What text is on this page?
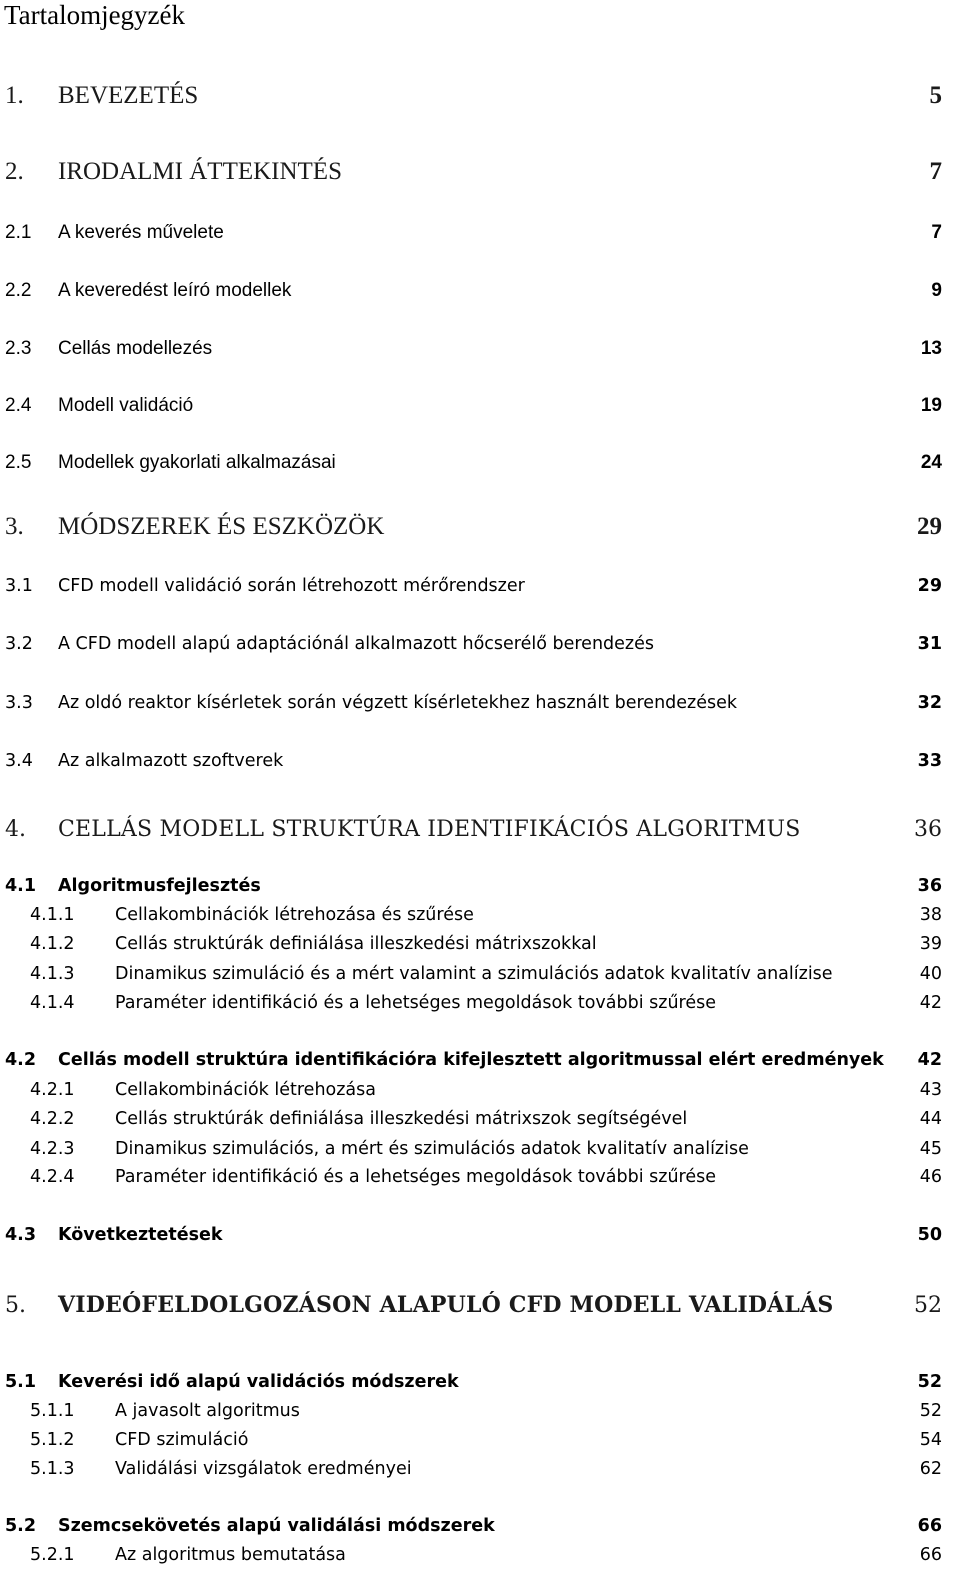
Tartalomjegyzék
1. BEVEZETÉS	5
2. IRODALMI ÁTTEKINTÉS	7
2.1 A keverés művelete	7
2.2 A keveredést leíró modellek	9
2.3 Cellás modellezés	13
2.4 Modell validáció	19
2.5 Modellek gyakorlati alkalmazásai	24
3. MÓDSZEREK ÉS ESZKÖZÖK	29
3.1 CFD modell validáció során létrehozott mérőrendszer	29
3.2 A CFD modell alapú adaptációnál alkalmazott hőcserélő berendezés	31
3.3 Az oldó reaktor kísérletek során végzett kísérletekhez használt berendezések	32
3.4 Az alkalmazott szoftverek	33
4. CELLÁS MODELL STRUKTÚRA IDENTIFIKÁCIÓS ALGORITMUS	36
4.1 Algoritmusfejlesztés	36
4.1.1 Cellakombinációk létrehozása és szűrése	38
4.1.2 Cellás struktúrák definiálása illeszkedési mátrixszokkal	39
4.1.3 Dinamikus szimuláció és a mért valamint a szimulációs adatok kvalitatív analízise	40
4.1.4 Paraméter identifikáció és a lehetséges megoldások további szűrése	42
4.2 Cellás modell struktúra identifikációra kifejlesztett algoritmussal elért eredmények 42
4.2.1 Cellakombinációk létrehozása	43
4.2.2 Cellás struktúrák definiálása illeszkedési mátrixszok segítségével	44
4.2.3 Dinamikus szimulációs, a mért és szimulációs adatok kvalitatív analízise	45
4.2.4 Paraméter identifikáció és a lehetséges megoldások további szűrése	46
4.3 Következtetések	50
5. VIDEÓFELDOLGOZÁSON ALAPULÓ CFD MODELL VALIDÁLÁS	52
5.1 Keverési idő alapú validációs módszerek	52
5.1.1 A javasolt algoritmus	52
5.1.2 CFD szimuláció	54
5.1.3 Validálási vizsgálatok eredményei	62
5.2 Szemcsekövetés alapú validálási módszerek	66
5.2.1 Az algoritmus bemutatása	66
